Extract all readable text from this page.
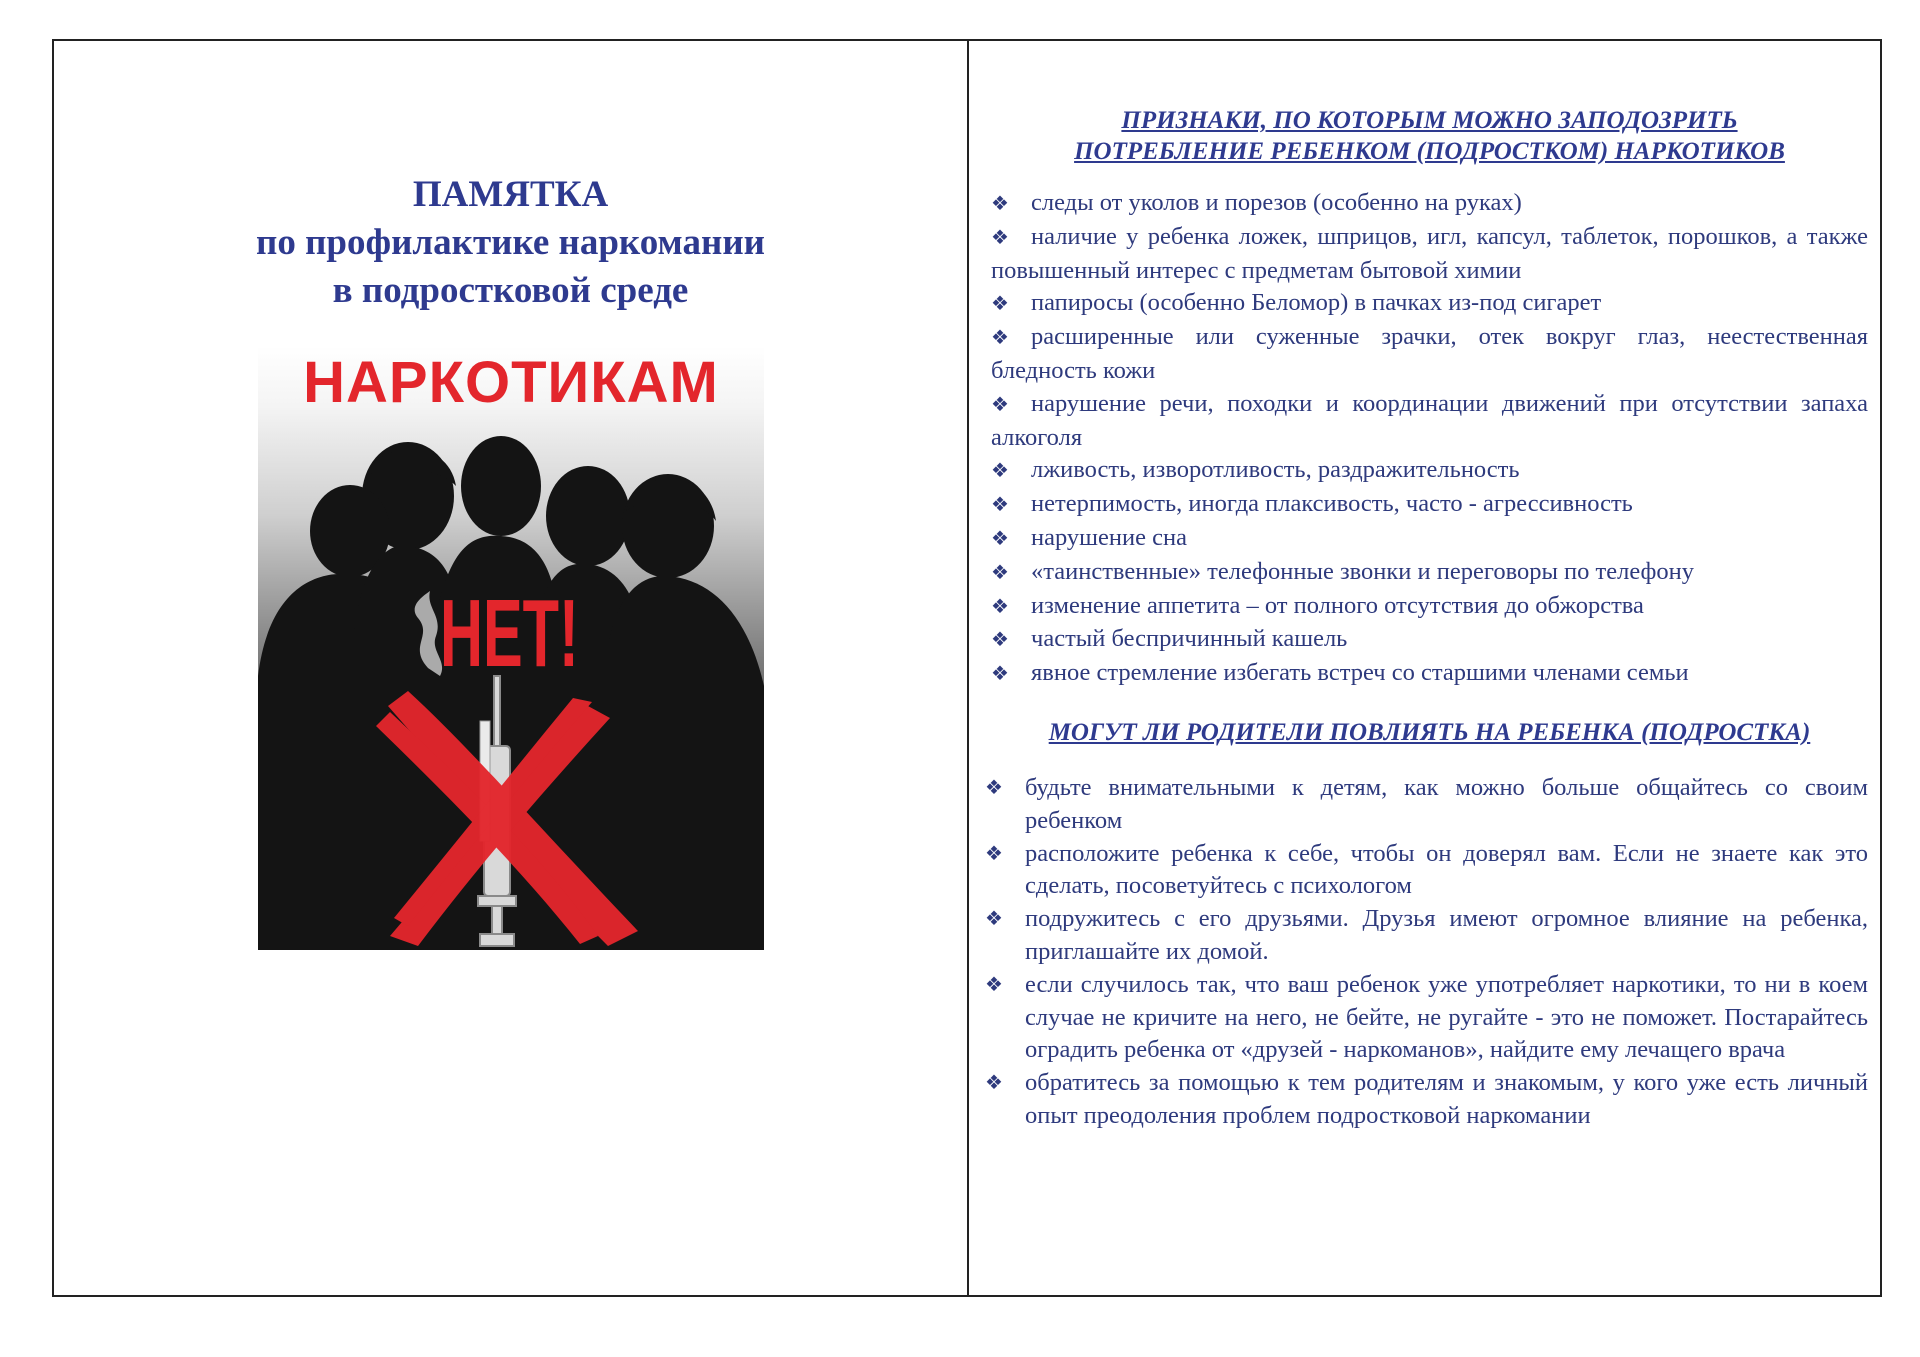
ПАМЯТКА
по профилактике наркомании
в подростковой среде
НАРКОТИКАМ
НЕТ!
ПРИЗНАКИ, ПО КОТОРЫМ МОЖНО ЗАПОДОЗРИТЬ
ПОТРЕБЛЕНИЕ РЕБЕНКОМ (ПОДРОСТКОМ) НАРКОТИКОВ
❖ следы от уколов и порезов (особенно на руках)
❖ наличие у ребенка ложек, шприцов, игл, капсул, таблеток, порошков, а также повышенный интерес с предметам бытовой химии
❖ папиросы (особенно Беломор) в пачках из-под сигарет
❖ расширенные или суженные зрачки, отек вокруг глаз, неестественная бледность кожи
❖ нарушение речи, походки и координации движений при отсутствии запаха алкоголя
❖ лживость, изворотливость, раздражительность
❖ нетерпимость, иногда плаксивость, часто - агрессивность
❖ нарушение сна
❖ «таинственные» телефонные звонки и переговоры по телефону
❖ изменение аппетита – от полного отсутствия до обжорства
❖ частый беспричинный кашель
❖ явное стремление избегать встреч со старшими членами семьи
МОГУТ ЛИ РОДИТЕЛИ ПОВЛИЯТЬ НА РЕБЕНКА (ПОДРОСТКА)
❖ будьте внимательными к детям, как можно больше общайтесь со своим ребенком
❖ расположите ребенка к себе, чтобы он доверял вам. Если не знаете как это сделать, посоветуйтесь с психологом
❖ подружитесь с его друзьями. Друзья имеют огромное влияние на ребенка, приглашайте их домой.
❖ если случилось так, что ваш ребенок уже употребляет наркотики, то ни в коем случае не кричите на него, не бейте, не ругайте - это не поможет. Постарайтесь оградить ребенка от «друзей - наркоманов», найдите ему лечащего врача
❖ обратитесь за помощью к тем родителям и знакомым, у кого уже есть личный опыт преодоления проблем подростковой наркомании
